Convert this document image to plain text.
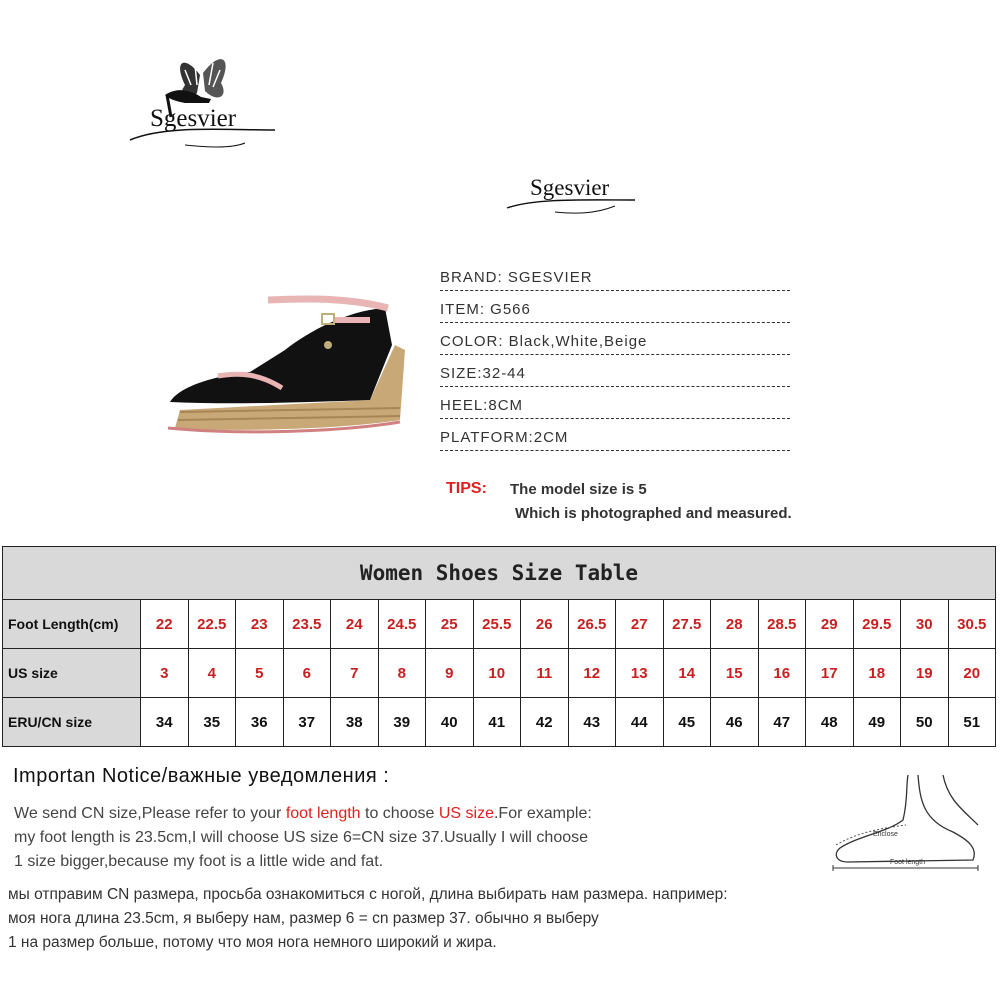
Sgesvier
Sgesvier
BRAND: SGESVIER
ITEM: G566
COLOR: Black,White,Beige
SIZE:32-44
HEEL:8CM
PLATFORM:2CM
TIPS: The model size is 5
Which is photographed and measured.
Women Shoes Size Table																		
Foot Length(cm)	22	22.5	23	23.5	24	24.5	25	25.5	26	26.5	27	27.5	28	28.5	29	29.5	30	30.5
US size	3	4	5	6	7	8	9	10	11	12	13	14	15	16	17	18	19	20
ERU/CN size	34	35	36	37	38	39	40	41	42	43	44	45	46	47	48	49	50	51
Importan Notice/важные уведомления :
We send CN size,Please refer to your foot length to choose US size.For example:
my foot length is 23.5cm,I will choose US size 6=CN size 37.Usually I will choose
1 size bigger,because my foot is a little wide and fat.
мы отправим CN размера, просьба ознакомиться с ногой, длина выбирать нам размера. например:
моя нога длина 23.5cm, я выберу нам, размер 6 = cn размер 37. обычно я выберу
1 на размер больше, потому что моя нога немного широкий и жира.
Enclose
Foot length
